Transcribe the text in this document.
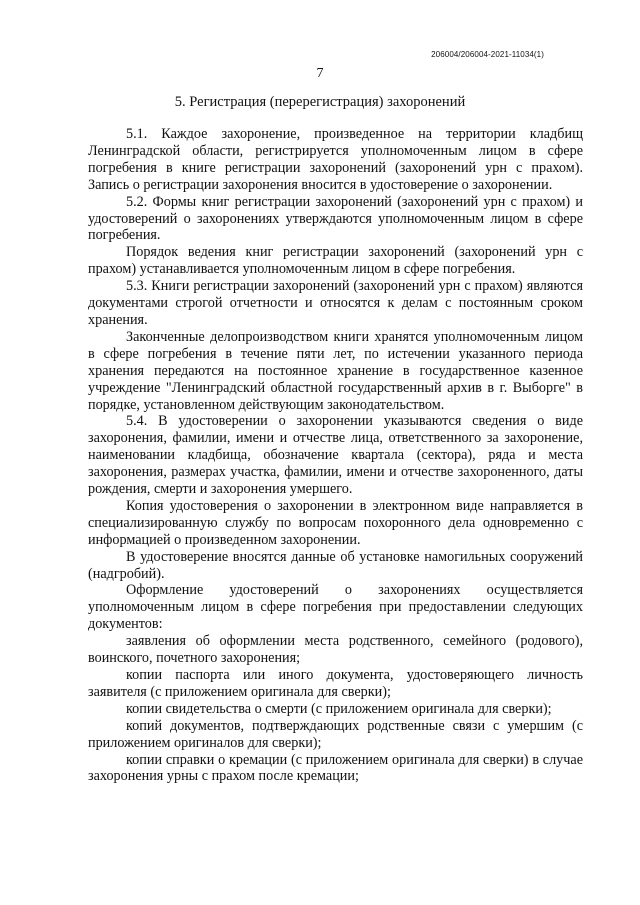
206004/206004-2021-11034(1)
7
5. Регистрация (перерегистрация) захоронений

5.1. Каждое захоронение, произведенное на территории кладбищ Ленинградской области, регистрируется уполномоченным лицом в сфере погребения в книге регистрации захоронений (захоронений урн с прахом). Запись о регистрации захоронения вносится в удостоверение о захоронении.

5.2. Формы книг регистрации захоронений (захоронений урн с прахом) и удостоверений о захоронениях утверждаются уполномоченным лицом в сфере погребения.

Порядок ведения книг регистрации захоронений (захоронений урн с прахом) устанавливается уполномоченным лицом в сфере погребения.

5.3. Книги регистрации захоронений (захоронений урн с прахом) являются документами строгой отчетности и относятся к делам с постоянным сроком хранения.

Законченные делопроизводством книги хранятся уполномоченным лицом в сфере погребения в течение пяти лет, по истечении указанного периода хранения передаются на постоянное хранение в государственное казенное учреждение "Ленинградский областной государственный архив в г. Выборге" в порядке, установленном действующим законодательством.

5.4. В удостоверении о захоронении указываются сведения о виде захоронения, фамилии, имени и отчестве лица, ответственного за захоронение, наименовании кладбища, обозначение квартала (сектора), ряда и места захоронения, размерах участка, фамилии, имени и отчестве захороненного, даты рождения, смерти и захоронения умершего.

Копия удостоверения о захоронении в электронном виде направляется в специализированную службу по вопросам похоронного дела одновременно с информацией о произведенном захоронении.

В удостоверение вносятся данные об установке намогильных сооружений (надгробий).

Оформление удостоверений о захоронениях осуществляется уполномоченным лицом в сфере погребения при предоставлении следующих документов:

заявления об оформлении места родственного, семейного (родового), воинского, почетного захоронения;

копии паспорта или иного документа, удостоверяющего личность заявителя (с приложением оригинала для сверки);

копии свидетельства о смерти (с приложением оригинала для сверки);

копий документов, подтверждающих родственные связи с умершим (с приложением оригиналов для сверки);

копии справки о кремации (с приложением оригинала для сверки) в случае захоронения урны с прахом после кремации;
